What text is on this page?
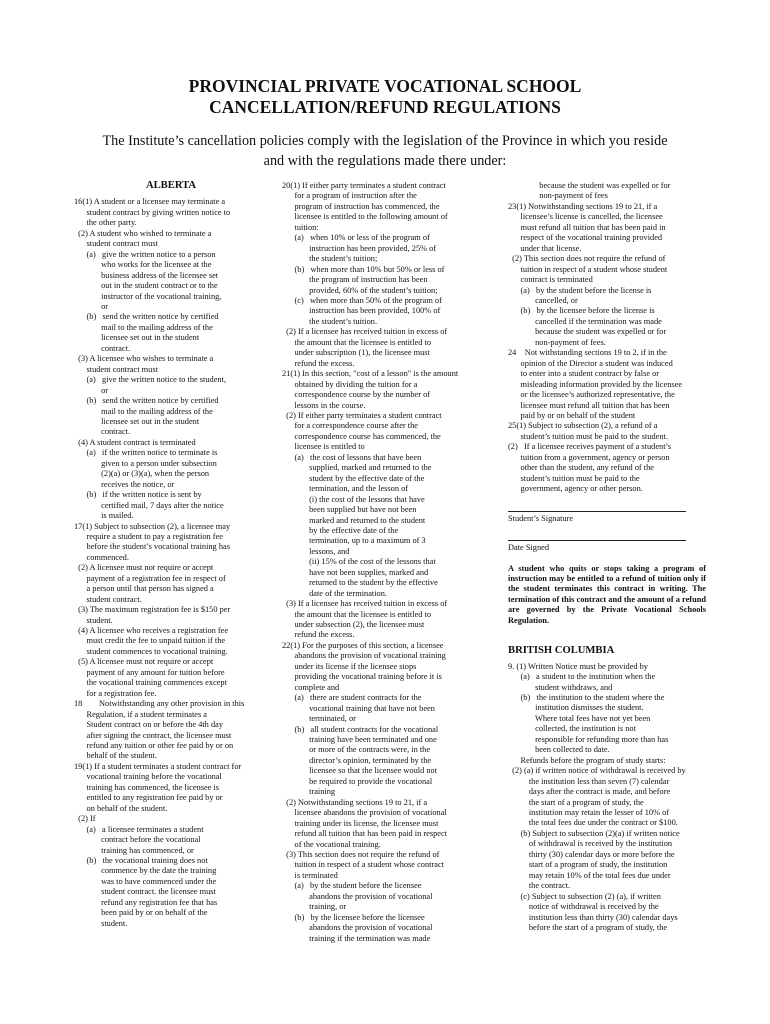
PROVINCIAL PRIVATE VOCATIONAL SCHOOL
CANCELLATION/REFUND REGULATIONS
The Institute’s cancellation policies comply with the legislation of the Province in which you reside
and with the regulations made there under:
ALBERTA
16(1) A student or a licensee may terminate a
student contract by giving written notice to
the other party.
(2) A student who wished to terminate a
student contract must
(a)   give the written notice to a person
who works for the licensee at the
business address of the licensee set
out in the student contract or to the
instructor of the vocational training,
or
(b)   send the written notice by certified
mail to the mailing address of the
licensee set out in the student
contract.
(3) A licensee who wishes to terminate a
student contract must
(a)   give the written notice to the student,
or
(b)   send the written notice by certified
mail to the mailing address of the
licensee set out in the student
contract.
(4) A student contract is terminated
(a)   if the written notice to terminate is
given to a person under subsection
(2)(a) or (3)(a), when the person
receives the notice, or
(b)   if the written notice is sent by
certified mail, 7 days after the notice
is mailed.
17(1) Subject to subsection (2), a licensee may
require a student to pay a registration fee
before the student’s vocational training has
commenced.
(2) A licensee must not require or accept
payment of a registration fee in respect of
a person until that person has signed a
student contract.
(3) The maximum registration fee is $150 per
student.
(4) A licensee who receives a registration fee
must credit the fee to unpaid tuition if the
student commences to vocational training.
(5) A licensee must not require or accept
payment of any amount for tuition before
the vocational training commences except
for a registration fee.
18        Notwithstanding any other provision in this
Regulation, if a student terminates a
Student contract on or before the 4th day
after signing the contract, the licensee must
refund any tuition or other fee paid by or on
behalf of the student.
19(1) If a student terminates a student contract for
vocational training before the vocational
training has commenced, the licensee is
entitled to any registration fee paid by or
on behalf of the student.
(2) If
(a)   a licensee terminates a student
contract before the vocational
training has commenced, or
(b)   the vocational training does not
commence by the date the training
was to have commenced under the
student contract. the licensee must
refund any registration fee that has
been paid by or on behalf of the
student.
20(1) If either party terminates a student contract
for a program of instruction after the
program of instruction has commenced, the
licensee is entitled to the following amount of
tuition:
(a)   when 10% or less of the program of
instruction has been provided, 25% of
the student’s tuition;
(b)   when more than 10% but 50% or less of
the program of instruction has been
provided, 60% of the student’s tuition;
(c)   when more than 50% of the program of
instruction has been provided, 100% of
the student’s tuition.
(2) If a licensee has received tuition in excess of
the amount that the licensee is entitled to
under subscription (1), the licensee must
refund the excess.
21(1) In this section, "cost of a lesson" is the amount
obtained by dividing the tuition for a
correspondence course by the number of
lessons in the course.
(2) If either party terminates a student contract
for a correspondence course after the
correspondence course has commenced, the
licensee is entitled to
(a)   the cost of lessons that have been
supplied, marked and returned to the
student by the effective date of the
termination, and the lesson of
(i) the cost of the lessons that have
been supplied but have not been
marked and returned to the student
by the effective date of the
termination, up to a maximum of 3
lessons, and
(ii) 15% of the cost of the lessons that
have not been supplies, marked and
returned to the student by the effective
date of the termination.
(3) If a licensee has received tuition in excess of
the amount that the licensee is entitled to
under subsection (2), the licensee must
refund the excess.
22(1) For the purposes of this section, a licensee
abandons the provision of vocational training
under its license if the licensee stops
providing the vocational training before it is
complete and
(a)   there are student contracts for the
vocational training that have not been
terminated, or
(b)   all student contracts for the vocational
training have been terminated and one
or more of the contracts were, in the
director’s opinion, terminated by the
licensee so that the licensee would not
be required to provide the vocational
training
(2) Notwithstanding sections 19 to 21, if a
licensee abandons the provision of vocational
training under its license, the licensee must
refund all tuition that has been paid in respect
of the vocational training.
(3) This section does not require the refund of
tuition in respect of a student whose contract
is terminated
(a)   by the student before the licensee
abandons the provision of vocational
training, or
(b)   by the licensee before the licensee
abandons the provision of vocational
training if the termination was made
because the student was expelled or for
non-payment of fees
23(1) Notwithstanding sections 19 to 21, if a
licensee’s license is cancelled, the licensee
must refund all tuition that has been paid in
respect of the vocational training provided
under that license.
(2) This section does not require the refund of
tuition in respect of a student whose student
contract is terminated
(a)   by the student before the license is
cancelled, or
(b)   by the licensee before the license is
cancelled if the termination was made
because the student was expelled or for
non-payment of fees.
24    Not withstanding sections 19 to 2, if in the
opinion of the Director a student was induced
to enter into a student contract by false or
misleading information provided by the licensee
or the licensee’s authorized representative, the
licensee must refund all tuition that has been
paid by or on behalf of the student
25(1) Subject to subsection (2), a refund of a
student’s tuition must be paid to the student.
(2)   If a licensee receives payment of a student’s
tuition from a government, agency or person
other than the student, any refund of the
student’s tuition must be paid to the
government, agency or other person.
Student’s Signature
Date Signed
A student who quits or stops taking a program of instruction may be entitled to a refund of tuition only if the student terminates this contract in writing. The termination of this contract and the amount of a refund are governed by the Private Vocational Schools Regulation.
BRITISH COLUMBIA
9. (1) Written Notice must be provided by
(a)   a student to the institution when the
student withdraws, and
(b)   the institution to the student where the
institution dismisses the student.
Where total fees have not yet been
collected, the institution is not
responsible for refunding more than has
been collected to date.
Refunds before the program of study starts:
(2) (a) if written notice of withdrawal is received by
the institution less than seven (7) calendar
days after the contract is made, and before
the start of a program of study, the
institution may retain the lesser of 10% of
the total fees due under the contract or $100.
(b) Subject to subsection (2)(a) if written notice
of withdrawal is received by the institution
thirty (30) calendar days or more before the
start of a program of study, the institution
may retain 10% of the total fees due under
the contract.
(c) Subject to subsection (2) (a), if written
notice of withdrawal is received by the
institution less than thirty (30) calendar days
before the start of a program of study, the
